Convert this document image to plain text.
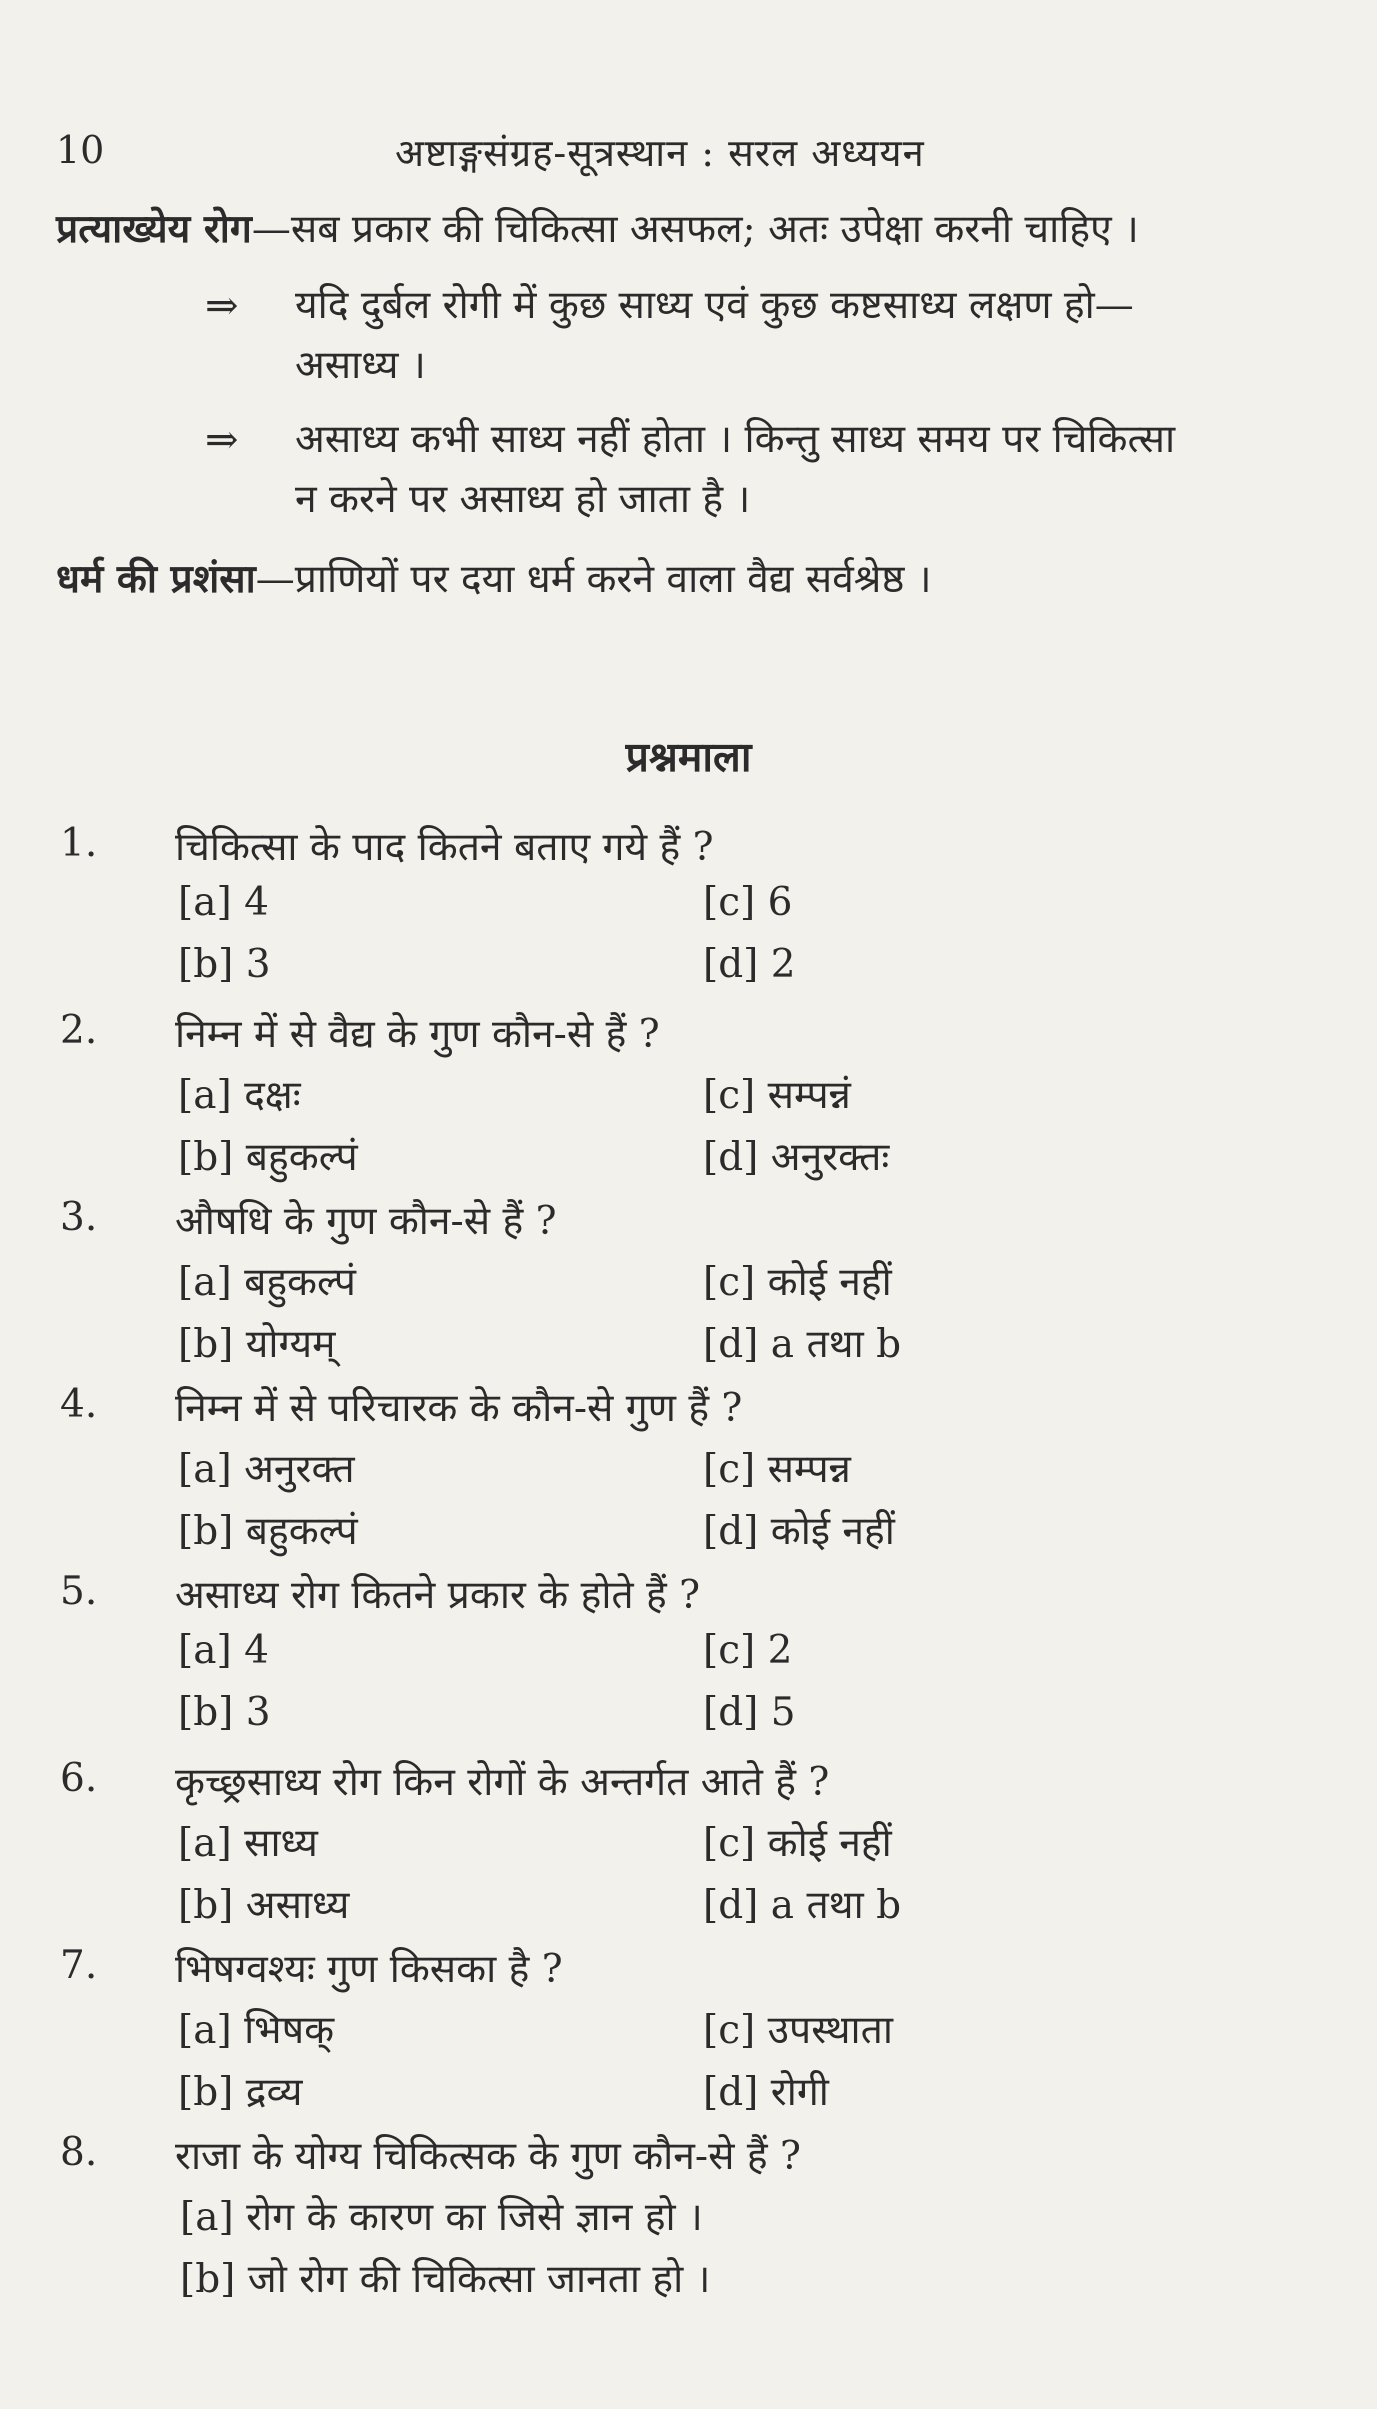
10	अष्टाङ्गसंग्रह-सूत्रस्थान : सरल अध्ययन
प्रत्याख्येय रोग—सब प्रकार की चिकित्सा असफल; अतः उपेक्षा करनी चाहिए ।
⇒ यदि दुर्बल रोगी में कुछ साध्य एवं कुछ कष्टसाध्य लक्षण हो—
असाध्य ।
⇒ असाध्य कभी साध्य नहीं होता । किन्तु साध्य समय पर चिकित्सा
न करने पर असाध्य हो जाता है ।
धर्म की प्रशंसा—प्राणियों पर दया धर्म करने वाला वैद्य सर्वश्रेष्ठ ।
प्रश्नमाला
1. चिकित्सा के पाद कितने बताए गये हैं ?
[a] 4
[b] 3
[c] 6
[d] 2
2. निम्न में से वैद्य के गुण कौन-से हैं ?
[a] दक्षः
[b] बहुकल्पं
[c] सम्पन्नं
[d] अनुरक्तः
3. औषधि के गुण कौन-से हैं ?
[a] बहुकल्पं
[b] योग्यम्
[c] कोई नहीं
[d] a तथा b
4. निम्न में से परिचारक के कौन-से गुण हैं ?
[a] अनुरक्त
[b] बहुकल्पं
[c] सम्पन्न
[d] कोई नहीं
5. असाध्य रोग कितने प्रकार के होते हैं ?
[a] 4
[b] 3
[c] 2
[d] 5
6. कृच्छ्रसाध्य रोग किन रोगों के अन्तर्गत आते हैं ?
[a] साध्य
[b] असाध्य
[c] कोई नहीं
[d] a तथा b
7. भिषग्वश्यः गुण किसका है ?
[a] भिषक्
[b] द्रव्य
[c] उपस्थाता
[d] रोगी
8. राजा के योग्य चिकित्सक के गुण कौन-से हैं ?
[a] रोग के कारण का जिसे ज्ञान हो ।
[b] जो रोग की चिकित्सा जानता हो ।
